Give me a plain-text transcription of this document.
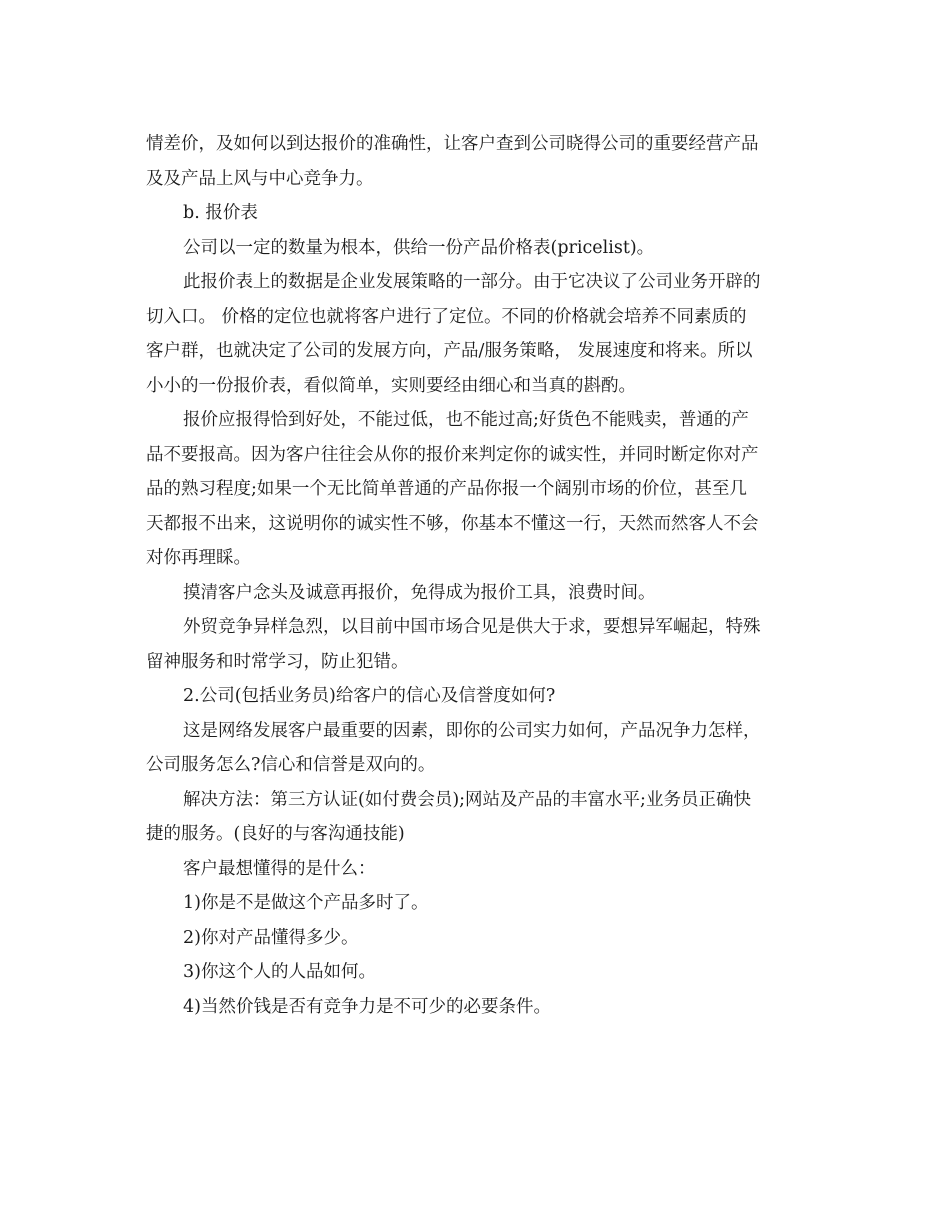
情差价，及如何以到达报价的准确性，让客户查到公司晓得公司的重要经营产品
及及产品上风与中心竞争力。
b. 报价表
公司以一定的数量为根本，供给一份产品价格表(pricelist)。
此报价表上的数据是企业发展策略的一部分。由于它决议了公司业务开辟的
切入口。 价格的定位也就将客户进行了定位。不同的价格就会培养不同素质的
客户群，也就决定了公司的发展方向，产品/服务策略， 发展速度和将来。所以
小小的一份报价表，看似简单，实则要经由细心和当真的斟酌。
报价应报得恰到好处，不能过低，也不能过高;好货色不能贱卖，普通的产
品不要报高。因为客户往往会从你的报价来判定你的诚实性，并同时断定你对产
品的熟习程度;如果一个无比简单普通的产品你报一个阔别市场的价位，甚至几
天都报不出来，这说明你的诚实性不够，你基本不懂这一行，天然而然客人不会
对你再理睬。
摸清客户念头及诚意再报价，免得成为报价工具，浪费时间。
外贸竞争异样急烈，以目前中国市场合见是供大于求，要想异军崛起，特殊
留神服务和时常学习，防止犯错。
2.公司(包括业务员)给客户的信心及信誉度如何?
这是网络发展客户最重要的因素，即你的公司实力如何，产品况争力怎样，
公司服务怎么?信心和信誉是双向的。
解决方法：第三方认证(如付费会员);网站及产品的丰富水平;业务员正确快
捷的服务。(良好的与客沟通技能)
客户最想懂得的是什么：
1)你是不是做这个产品多时了。
2)你对产品懂得多少。
3)你这个人的人品如何。
4)当然价钱是否有竞争力是不可少的必要条件。
